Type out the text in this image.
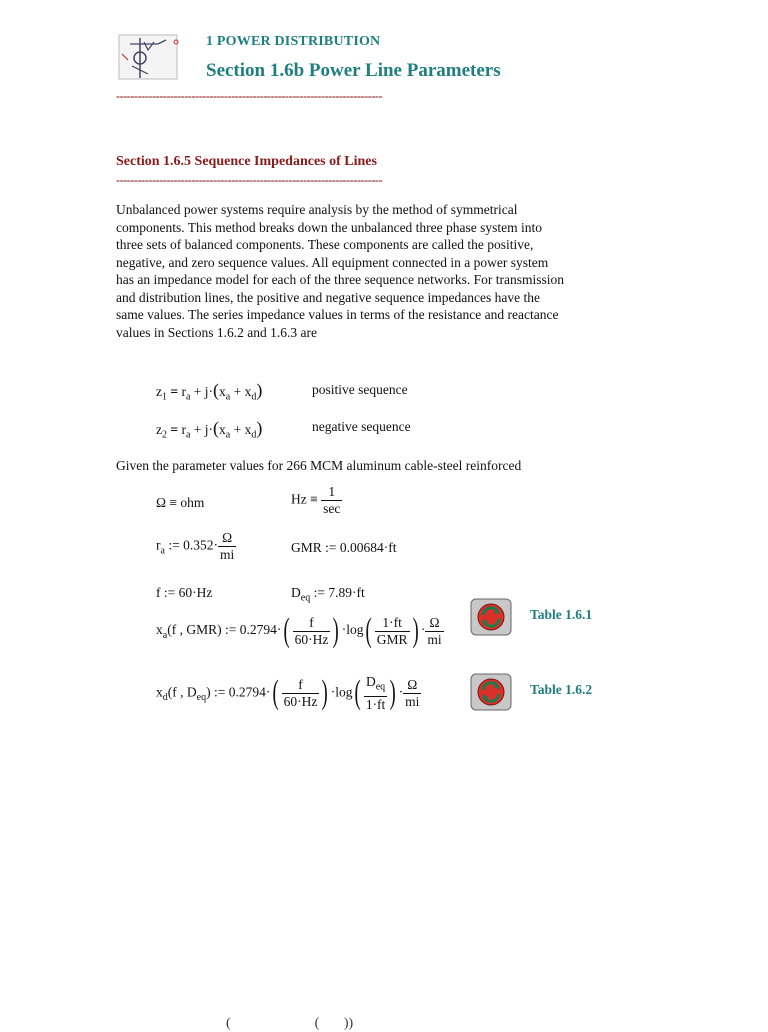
1 POWER DISTRIBUTION
Section 1.6b Power Line Parameters
--------------------------------------------------------------------------
Section 1.6.5 Sequence Impedances of Lines
--------------------------------------------------------------------------
Unbalanced power systems require analysis by the method of symmetrical components. This method breaks down the unbalanced three phase system into three sets of balanced components. These components are called the positive, negative, and zero sequence values. All equipment connected in a power system has an impedance model for each of the three sequence networks. For transmission and distribution lines, the positive and negative sequence impedances have the same values. The series impedance values in terms of the resistance and reactance values in Sections 1.6.2 and 1.6.3 are
$z_1 = r_a + j\cdot(x_a + x_d)$	positive sequence
$z_2 = r_a + j\cdot(x_a + x_d)$	negative sequence
Given the parameter values for 266 MCM aluminum cable-steel reinforced
Ω ≡ ohm	$Hz \equiv \frac{1}{\sec}$
$r_a$ := $0.352\cdot \frac{\Omega}{mi}$	GMR := 0.00684·ft
f := 60·Hz	$D_{eq}$ := 7.89·ft
$x_a(f$ , GMR) := $0.2794\cdot( \frac{f}{60\cdot Hz}$ ) $\cdot\log( \frac{1\cdot ft}{\text{GMR}}$ ) · $\frac{\Omega}{mi}$
$x_d(f$ , $D_{eq}$) := $0.2794\cdot( \frac{f}{60\cdot Hz}$ ) $\cdot\log( \frac{D_{eq}}{1\cdot ft}$ ) · $\frac{\Omega}{mi}$
Table 1.6.1
Table 1.6.2
(                        (       ))
